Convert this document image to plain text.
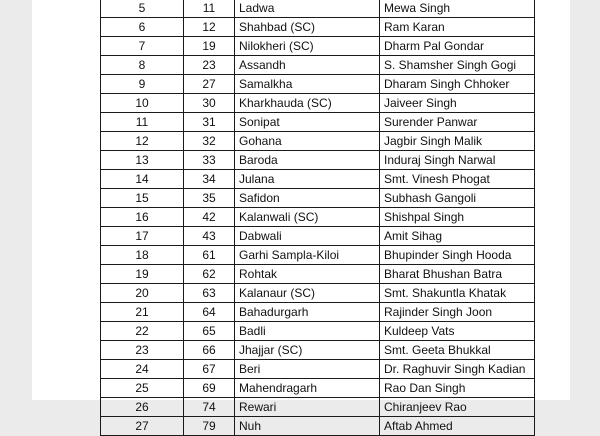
5	11	Ladwa	Mewa Singh
6	12	Shahbad (SC)	Ram Karan
7	19	Nilokheri (SC)	Dharm Pal Gondar
8	23	Assandh	S. Shamsher Singh Gogi
9	27	Samalkha	Dharam Singh Chhoker
10	30	Kharkhauda (SC)	Jaiveer Singh
11	31	Sonipat	Surender Panwar
12	32	Gohana	Jagbir Singh Malik
13	33	Baroda	Induraj Singh Narwal
14	34	Julana	Smt. Vinesh Phogat
15	35	Safidon	Subhash Gangoli
16	42	Kalanwali (SC)	Shishpal Singh
17	43	Dabwali	Amit Sihag
18	61	Garhi Sampla-Kiloi	Bhupinder Singh Hooda
19	62	Rohtak	Bharat Bhushan Batra
20	63	Kalanaur (SC)	Smt. Shakuntla Khatak
21	64	Bahadurgarh	Rajinder Singh Joon
22	65	Badli	Kuldeep Vats
23	66	Jhajjar (SC)	Smt. Geeta Bhukkal
24	67	Beri	Dr. Raghuvir Singh Kadian
25	69	Mahendragarh	Rao Dan Singh
26	74	Rewari	Chiranjeev Rao
27	79	Nuh	Aftab Ahmed
